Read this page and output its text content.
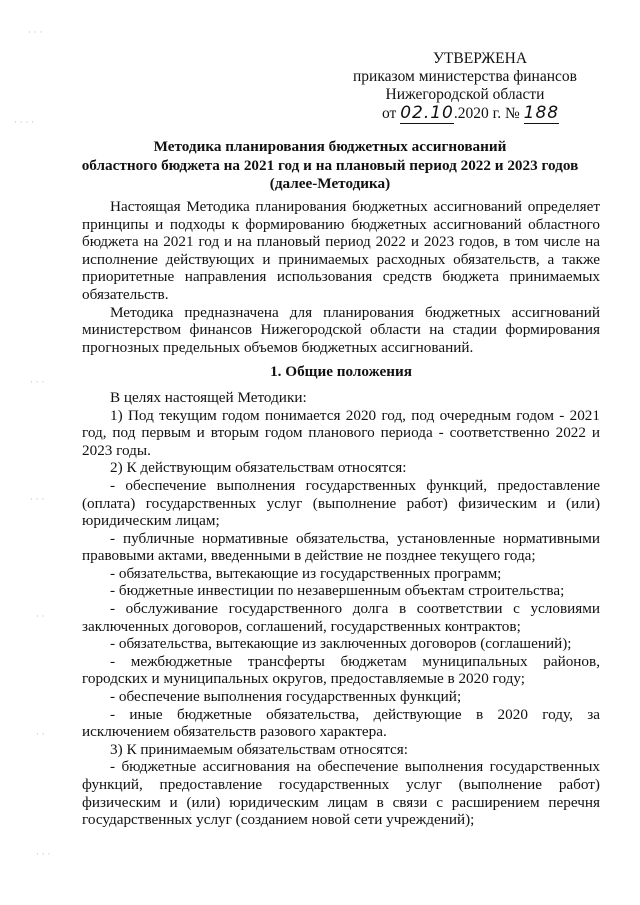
· · ·
· · · ·
· · ·
· · ·
· ·
· ·
· · ·
УТВЕРЖЕНА
приказом министерства финансов
Нижегородской области
от 02.10.2020 г. № 188
Методика планирования бюджетных ассигнований
областного бюджета на 2021 год и на плановый период 2022 и 2023 годов
(далее-Методика)

Настоящая Методика планирования бюджетных ассигнований определяет принципы и подходы к формированию бюджетных ассигнований областного бюджета на 2021 год и на плановый период 2022 и 2023 годов, в том числе на исполнение действующих и принимаемых расходных обязательств, а также приоритетные направления использования средств бюджета принимаемых обязательств.

Методика предназначена для планирования бюджетных ассигнований министерством финансов Нижегородской области на стадии формирования прогнозных предельных объемов бюджетных ассигнований.

1. Общие положения

В целях настоящей Методики:

1) Под текущим годом понимается 2020 год, под очередным годом - 2021 год, под первым и вторым годом планового периода - соответственно 2022 и 2023 годы.

2) К действующим обязательствам относятся:

- обеспечение выполнения государственных функций, предоставление (оплата) государственных услуг (выполнение работ) физическим и (или) юридическим лицам;

- публичные нормативные обязательства, установленные нормативными правовыми актами, введенными в действие не позднее текущего года;

- обязательства, вытекающие из государственных программ;

- бюджетные инвестиции по незавершенным объектам строительства;

- обслуживание государственного долга в соответствии с условиями заключенных договоров, соглашений, государственных контрактов;

- обязательства, вытекающие из заключенных договоров (соглашений);

- межбюджетные трансферты бюджетам муниципальных районов, городских и муниципальных округов, предоставляемые в 2020 году;

- обеспечение выполнения государственных функций;

- иные бюджетные обязательства, действующие в 2020 году, за исключением обязательств разового характера.

3) К принимаемым обязательствам относятся:

- бюджетные ассигнования на обеспечение выполнения государственных функций, предоставление государственных услуг (выполнение работ) физическим и (или) юридическим лицам в связи с расширением перечня государственных услуг (созданием новой сети учреждений);
